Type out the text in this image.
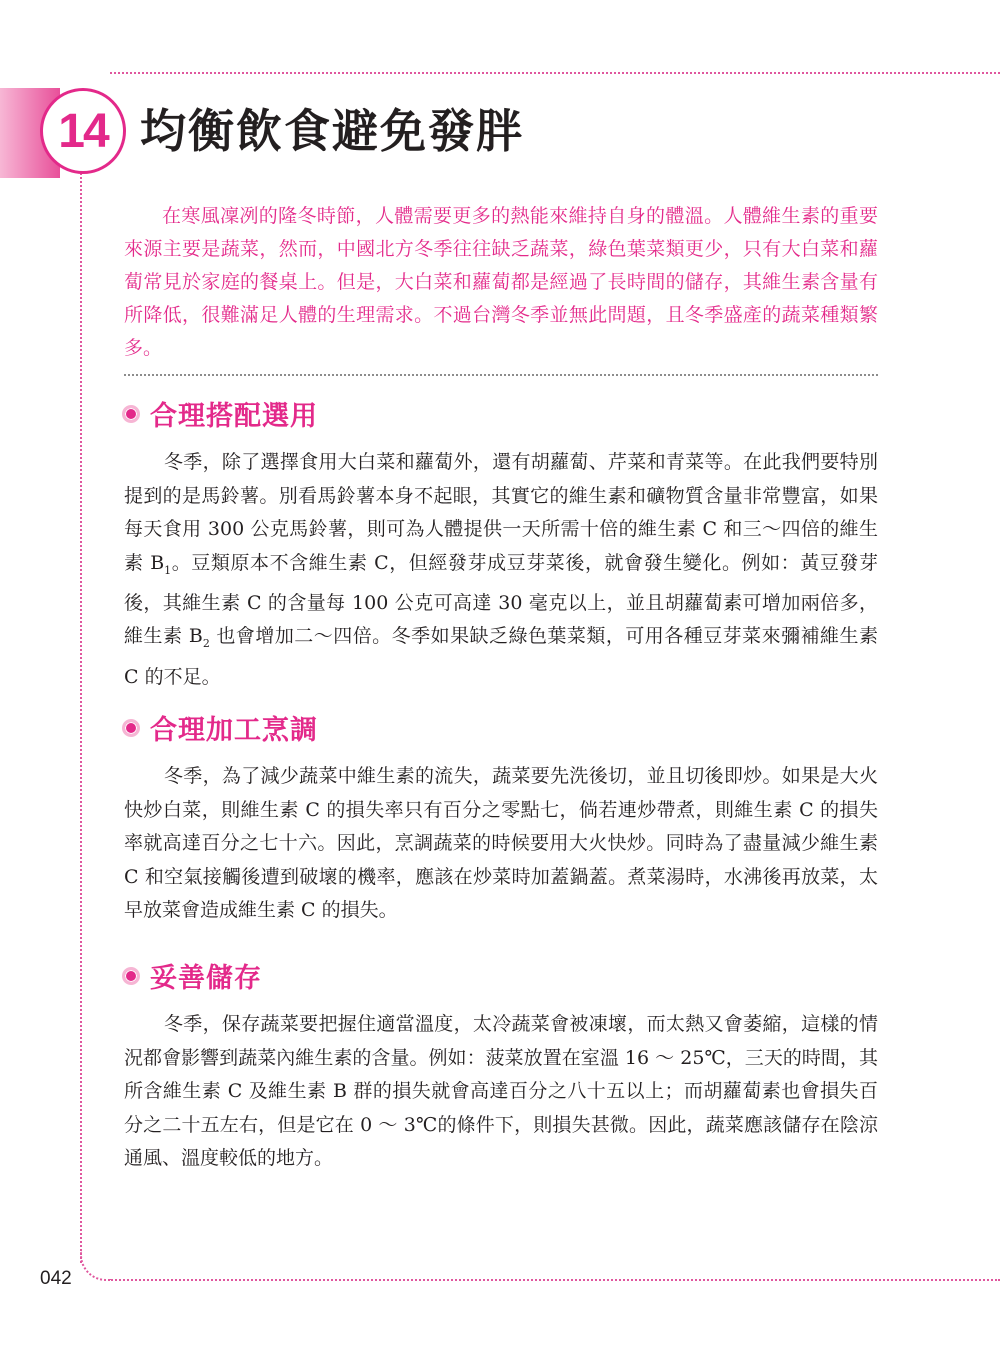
14 均衡飲食避免發胖

在寒風凜冽的隆冬時節，人體需要更多的熱能來維持自身的體溫。人體維生素的重要來源主要是蔬菜，然而，中國北方冬季往往缺乏蔬菜，綠色葉菜類更少，只有大白菜和蘿蔔常見於家庭的餐桌上。但是，大白菜和蘿蔔都是經過了長時間的儲存，其維生素含量有所降低，很難滿足人體的生理需求。不過台灣冬季並無此問題，且冬季盛產的蔬菜種類繁多。

合理搭配選用

冬季，除了選擇食用大白菜和蘿蔔外，還有胡蘿蔔、芹菜和青菜等。在此我們要特別提到的是馬鈴薯。別看馬鈴薯本身不起眼，其實它的維生素和礦物質含量非常豐富，如果每天食用 300 公克馬鈴薯，則可為人體提供一天所需十倍的維生素 C 和三～四倍的維生素 $B_1$。豆類原本不含維生素 C，但經發芽成豆芽菜後，就會發生變化。例如：黃豆發芽後，其維生素 C 的含量每 100 公克可高達 30 毫克以上，並且胡蘿蔔素可增加兩倍多，維生素 $B_2$ 也會增加二～四倍。冬季如果缺乏綠色葉菜類，可用各種豆芽菜來彌補維生素 C 的不足。

合理加工烹調

冬季，為了減少蔬菜中維生素的流失，蔬菜要先洗後切，並且切後即炒。如果是大火快炒白菜，則維生素 C 的損失率只有百分之零點七，倘若連炒帶煮，則維生素 C 的損失率就高達百分之七十六。因此，烹調蔬菜的時候要用大火快炒。同時為了盡量減少維生素 C 和空氣接觸後遭到破壞的機率，應該在炒菜時加蓋鍋蓋。煮菜湯時，水沸後再放菜，太早放菜會造成維生素 C 的損失。

妥善儲存

冬季，保存蔬菜要把握住適當溫度，太冷蔬菜會被凍壞，而太熱又會萎縮，這樣的情況都會影響到蔬菜內維生素的含量。例如：菠菜放置在室溫 16 ～ 25℃，三天的時間，其所含維生素 C 及維生素 B 群的損失就會高達百分之八十五以上；而胡蘿蔔素也會損失百分之二十五左右，但是它在 0 ～ 3℃的條件下，則損失甚微。因此，蔬菜應該儲存在陰涼通風、溫度較低的地方。

042
